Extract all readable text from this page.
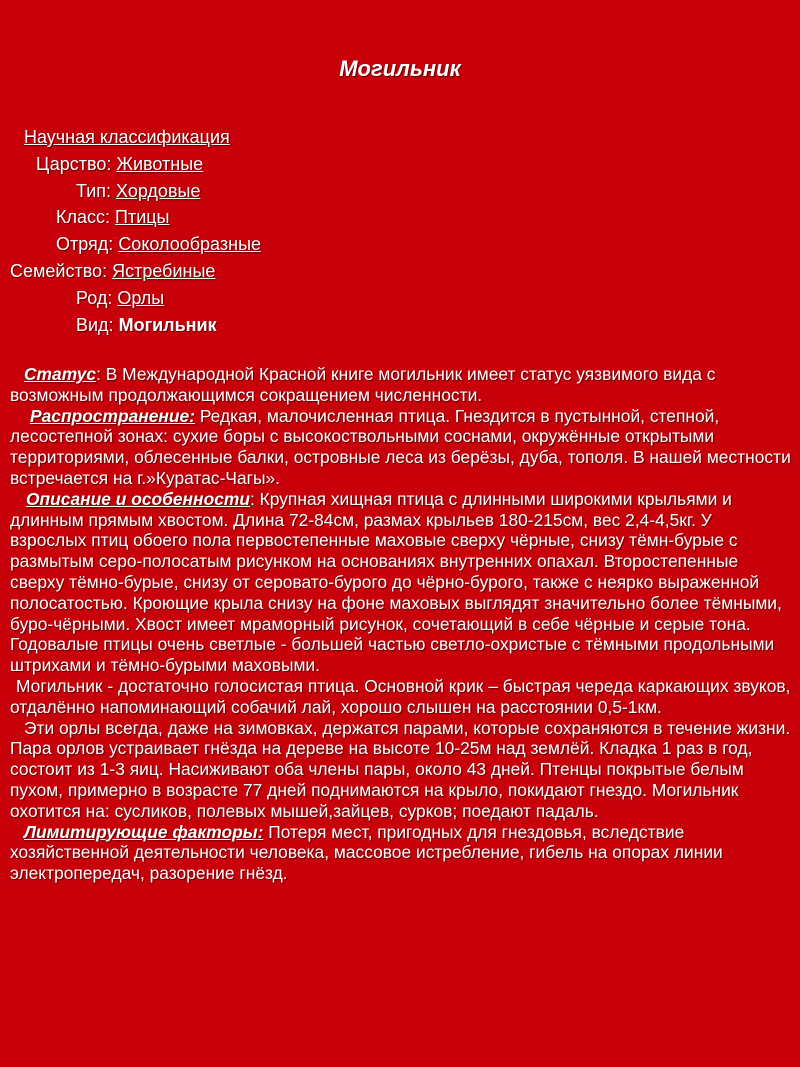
Могильник
Научная классификация
Царство: Животные
Тип: Хордовые
Класс: Птицы
Отряд: Соколообразные
Семейство: Ястребиные
Род: Орлы
Вид: Могильник

Статус: В Международной Красной книге могильник имеет статус уязвимого вида с возможным продолжающимся сокращением численности.

Распространение: Редкая, малочисленная птица. Гнездится в пустынной, степной, лесостепной зонах: сухие боры с высокоствольными соснами, окружённые открытыми территориями, облесенные балки, островные леса из берёзы, дуба, тополя. В нашей местности встречается на г.»Куратас-Чагы».

Описание и особенности: Крупная хищная птица с длинными широкими крыльями и длинным прямым хвостом. Длина 72-84см, размах крыльев 180-215см, вес 2,4-4,5кг. У взрослых птиц обоего пола первостепенные маховые сверху чёрные, снизу тёмн-бурые с размытым серо-полосатым рисунком на основаниях внутренних опахал. Второстепенные сверху тёмно-бурые, снизу от серовато-бурого до чёрно-бурого, также с неярко выраженной полосатостью. Кроющие крыла снизу на фоне маховых выглядят значительно более тёмными, буро-чёрными. Хвост имеет мраморный рисунок, сочетающий в себе чёрные и серые тона. Годовалые птицы очень светлые - большей частью светло-охристые с тёмными продольными штрихами и тёмно-бурыми маховыми.

Могильник - достаточно голосистая птица. Основной крик – быстрая череда каркающих звуков, отдалённо напоминающий собачий лай, хорошо слышен на расстоянии 0,5-1км.

Эти орлы всегда, даже на зимовках, держатся парами, которые сохраняются в течение жизни. Пара орлов устраивает гнёзда на дереве на высоте 10-25м над землёй. Кладка 1 раз в год, состоит из 1-3 яиц. Насиживают оба члены пары, около 43 дней. Птенцы покрытые белым пухом, примерно в возрасте 77 дней поднимаются на крыло, покидают гнездо. Могильник охотится на: сусликов, полевых мышей,зайцев, сурков; поедают падаль.

Лимитирующие факторы: Потеря мест, пригодных для гнездовья, вследствие хозяйственной деятельности человека, массовое истребление, гибель на опорах линии электропередач, разорение гнёзд.
